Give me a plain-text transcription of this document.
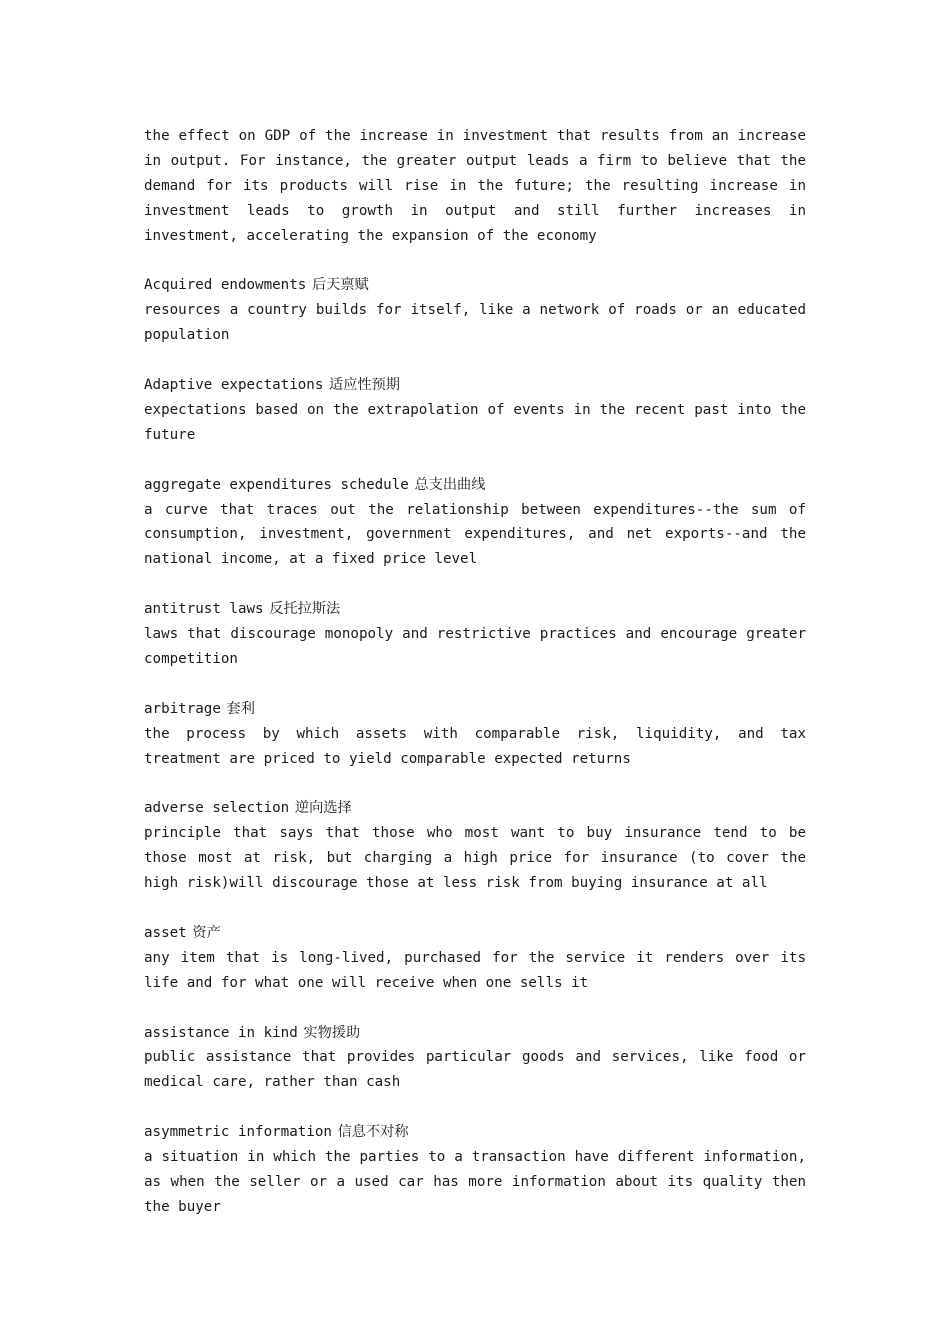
the effect on GDP of the increase in investment that results from an increase in output. For instance, the greater output leads a firm to believe that the demand for its products will rise in the future; the resulting increase in investment leads to growth in output and still further increases in investment, accelerating the expansion of the economy

Acquired endowments 后天禀赋

resources a country builds for itself, like a network of roads or an educated population

Adaptive expectations 适应性预期

expectations based on the extrapolation of events in the recent past into the future

aggregate expenditures schedule 总支出曲线

a curve that traces out the relationship between expenditures--the sum of consumption, investment, government expenditures, and net exports--and the national income, at a fixed price level

antitrust laws 反托拉斯法

laws that discourage monopoly and restrictive practices and encourage greater competition

arbitrage 套利

the process by which assets with comparable risk, liquidity, and tax treatment are priced to yield comparable expected returns

adverse selection 逆向选择

principle that says that those who most want to buy insurance tend to be those most at risk, but charging a high price for insurance (to cover the high risk)will discourage those at less risk from buying insurance at all

asset 资产

any item that is long-lived, purchased for the service it renders over its life and for what one will receive when one sells it

assistance in kind 实物援助

public assistance that provides particular goods and services, like food or medical care, rather than cash

asymmetric information 信息不对称

a situation in which the parties to a transaction have different information, as when the seller or a used car has more information about its quality then the buyer
